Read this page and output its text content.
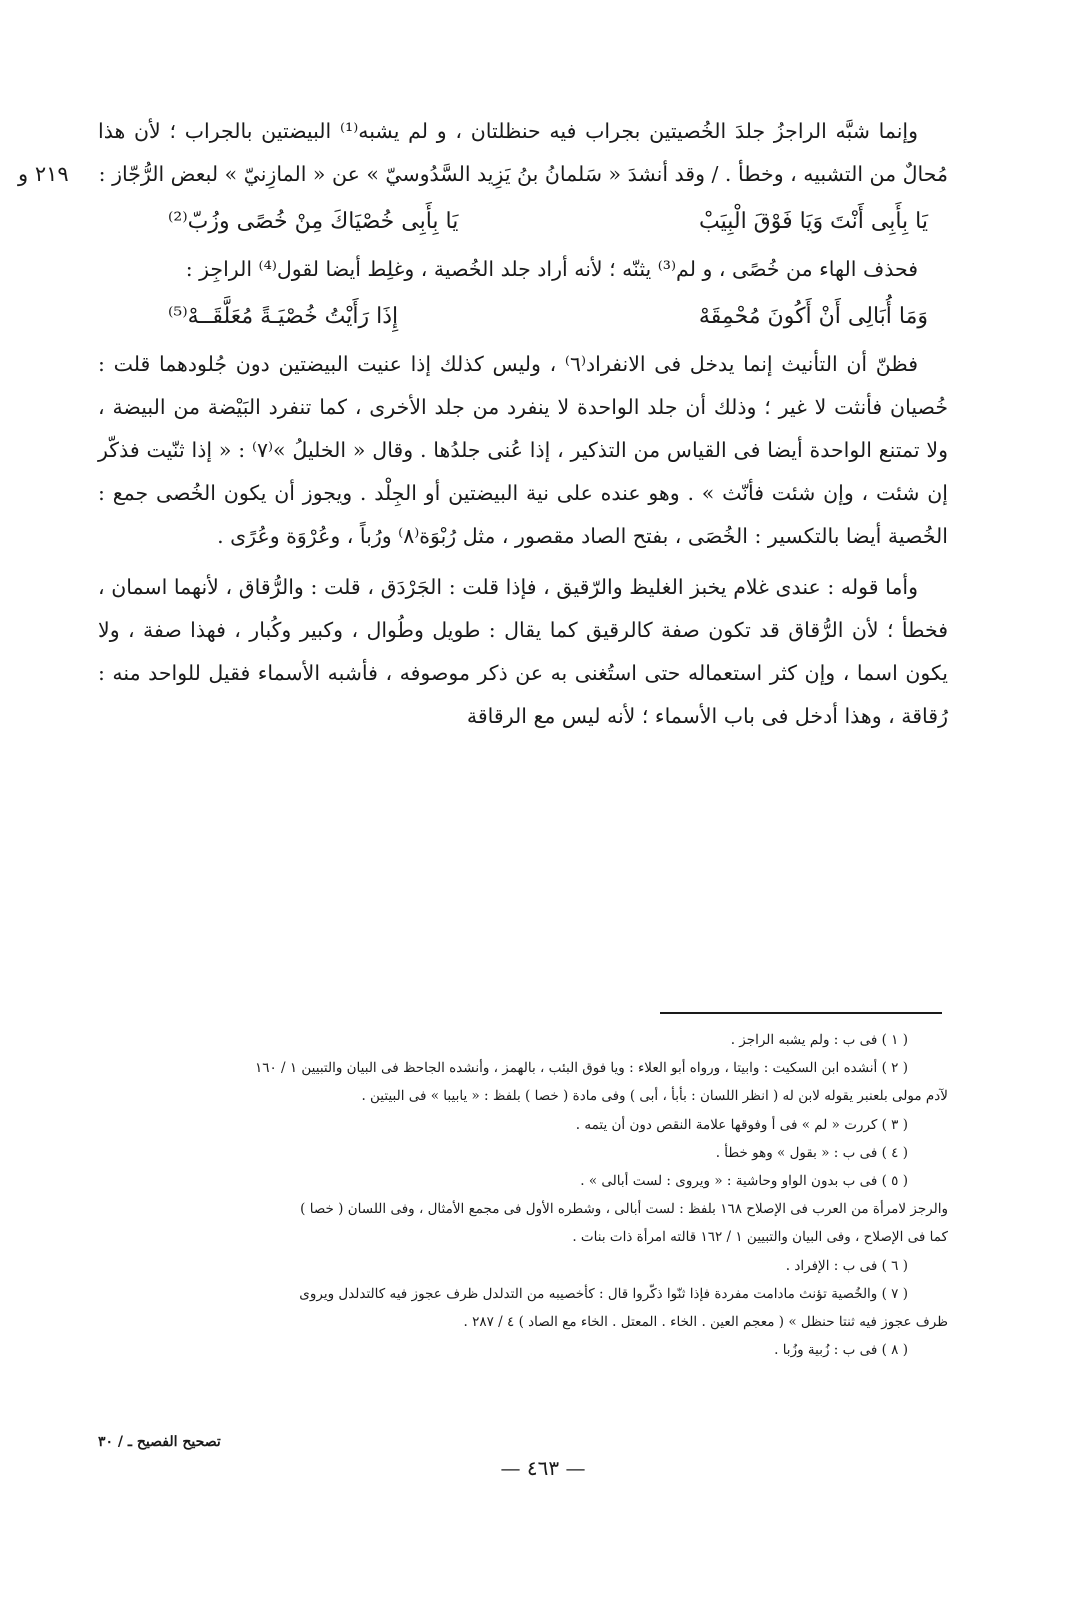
٢١٩ و

وإنما شبَّه الراجزُ جلدَ الخُصيتين بجراب فيه حنظلتان ، و لم يشبه⁽¹⁾ البيضتين بالجراب ؛ لأن هذا مُحالٌ من التشبيه ، وخطأ . / وقد أنشدَ « سَلمانُ بنُ يَزِيد السَّدُوسيّ » عن « المازِنيّ » لبعض الرُّجّاز :

يَا بِأَبِى أَنْتَ وَيَا فَوْقَ الْبِيَبْ
يَا بِأَبِى خُصْيَاكَ مِنْ خُصًى وزُبّ⁽²⁾

فحذف الهاء من خُصًى ، و لم⁽³⁾ يثنّه ؛ لأنه أراد جلد الخُصية ، وغلِط أيضا لقول⁽⁴⁾ الراجِز :

وَمَا أُبَالِى أَنْ أَكُونَ مُحْمِقَهْ
إِذَا رَأَيْتُ خُصْيَـةً مُعَلَّقَــهْ⁽⁵⁾

فظنّ أن التأنيث إنما يدخل فى الانفراد⁽٦⁾ ، وليس كذلك إذا عنيت البيضتين دون جُلودهما قلت : خُصيان فأنثت لا غير ؛ وذلك أن جلد الواحدة لا ينفرد من جلد الأخرى ، كما تنفرد البَيْضة من البيضة ، ولا تمتنع الواحدة أيضا فى القياس من التذكير ، إذا عُنى جلدُها . وقال « الخليلُ »⁽٧⁾ : « إذا ثنّيت فذكّر إن شئت ، وإن شئت فأنّث » . وهو عنده على نية البيضتين أو الجِلْد . ويجوز أن يكون الخُصى جمع : الخُصية أيضا بالتكسير : الخُصَى ، بفتح الصاد مقصور ، مثل رُبْوَة⁽٨⁾ ورُباً ، وعُرْوَة وعُرًى .

وأما قوله : عندى غلام يخبز الغليظ والرّقيق ، فإذا قلت : الجَرْدَق ، قلت : والرُّقاق ، لأنهما اسمان ، فخطأ ؛ لأن الرُّقاق قد تكون صفة كالرقيق كما يقال : طويل وطُوال ، وكبير وكُبار ، فهذا صفة ، ولا يكون اسما ، وإن كثر استعماله حتى استُغنى به عن ذكر موصوفه ، فأشبه الأسماء فقيل للواحد منه : رُقاقة ، وهذا أدخل فى باب الأسماء ؛ لأنه ليس مع الرقاقة

( ١ ) فى ب : ولم يشبه الراجز .

( ٢ ) أنشده ابن السكيت : وابيتا ، ورواه أبو العلاء : ويا فوق البئب ، بالهمز ، وأنشده الجاحظ فى البيان والتبيين ١ / ١٦٠

لآدم مولى بلعنبر يقوله لابن له ( انظر اللسان : بأبأ ، أبى ) وفى مادة ( خصا ) بلفظ : « يابيبا » فى البيتين .

( ٣ ) كررت « لم » فى أ وفوقها علامة النقص دون أن يتمه .

( ٤ ) فى ب : « بقول » وهو خطأ .

( ٥ ) فى ب بدون الواو وحاشية : « ويروى : لست أبالى » .

والرجز لامرأة من العرب فى الإصلاح ١٦٨ بلفظ : لست أبالى ، وشطره الأول فى مجمع الأمثال ، وفى اللسان ( خصا )

كما فى الإصلاح ، وفى البيان والتبيين ١ / ١٦٢ قالته امرأة ذات بنات .

( ٦ ) فى ب : الإفراد .

( ٧ ) والخُصية تؤنث مادامت مفردة فإذا ثنّوا ذكّروا قال : كأخصيبه من التدلدل ظرف عجوز فيه كالتدلدل ويروى

ظرف عجوز فيه ثنتا حنظل » ( معجم العين . الخاء . المعتل . الخاء مع الصاد ) ٤ / ٢٨٧ .

( ٨ ) فى ب : زُبية وزُبا .

تصحيح الفصيح ـ / ٣٠
— ٤٦٣ —
